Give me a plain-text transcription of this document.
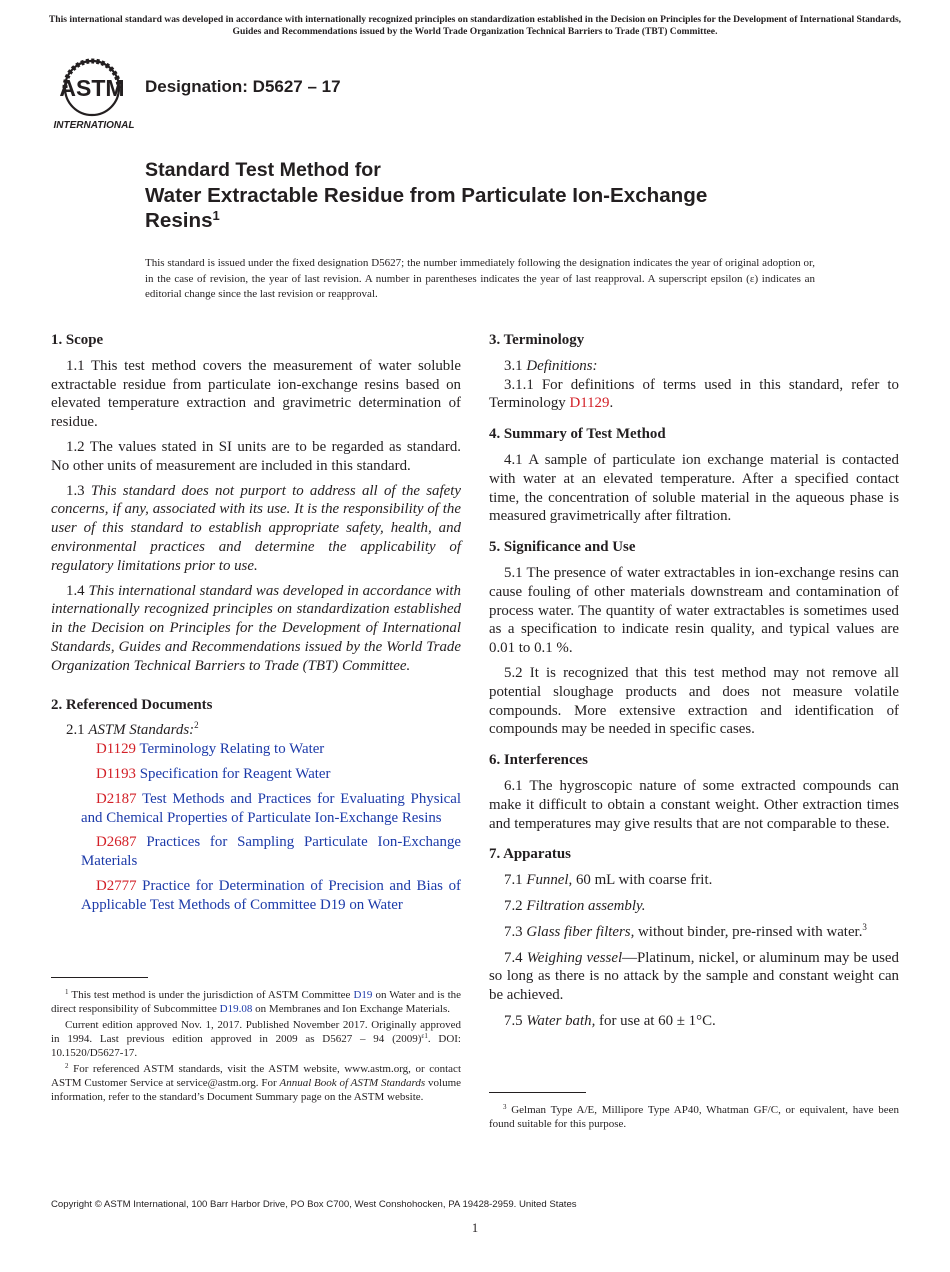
This international standard was developed in accordance with internationally recognized principles on standardization established in the Decision on Principles for the Development of International Standards, Guides and Recommendations issued by the World Trade Organization Technical Barriers to Trade (TBT) Committee.
ASTM
INTERNATIONAL
Designation: D5627 – 17
Standard Test Method for
Water Extractable Residue from Particulate Ion-Exchange
Resins$^1$
This standard is issued under the fixed designation D5627; the number immediately following the designation indicates the year of original adoption or, in the case of revision, the year of last revision. A number in parentheses indicates the year of last reapproval. A superscript epsilon (ε) indicates an editorial change since the last revision or reapproval.
1. Scope

1.1 This test method covers the measurement of water soluble extractable residue from particulate ion-exchange resins based on elevated temperature extraction and gravimetric determination of residue.

1.2 The values stated in SI units are to be regarded as standard. No other units of measurement are included in this standard.

1.3 This standard does not purport to address all of the safety concerns, if any, associated with its use. It is the responsibility of the user of this standard to establish appropriate safety, health, and environmental practices and determine the applicability of regulatory limitations prior to use.

1.4 This international standard was developed in accordance with internationally recognized principles on standardization established in the Decision on Principles for the Development of International Standards, Guides and Recommendations issued by the World Trade Organization Technical Barriers to Trade (TBT) Committee.

2. Referenced Documents

2.1 ASTM Standards:$^2$

D1129 Terminology Relating to Water

D1193 Specification for Reagent Water

D2187 Test Methods and Practices for Evaluating Physical and Chemical Properties of Particulate Ion-Exchange Resins

D2687 Practices for Sampling Particulate Ion-Exchange Materials

D2777 Practice for Determination of Precision and Bias of Applicable Test Methods of Committee D19 on Water

3. Terminology

3.1 Definitions:

3.1.1 For definitions of terms used in this standard, refer to Terminology D1129.

4. Summary of Test Method

4.1 A sample of particulate ion exchange material is contacted with water at an elevated temperature. After a specified contact time, the concentration of soluble material in the aqueous phase is measured gravimetrically after filtration.

5. Significance and Use

5.1 The presence of water extractables in ion-exchange resins can cause fouling of other materials downstream and contamination of process water. The quantity of water extractables is sometimes used as a specification to indicate resin quality, and typical values are 0.01 to 0.1 %.

5.2 It is recognized that this test method may not remove all potential sloughage products and does not measure volatile compounds. More extensive extraction and identification of compounds may be needed in specific cases.

6. Interferences

6.1 The hygroscopic nature of some extracted compounds can make it difficult to obtain a constant weight. Other extraction times and temperatures may give results that are not comparable to these.

7. Apparatus

7.1 Funnel, 60 mL with coarse frit.

7.2 Filtration assembly.

7.3 Glass fiber filters, without binder, pre-rinsed with water.$^3$

7.4 Weighing vessel—Platinum, nickel, or aluminum may be used so long as there is no attack by the sample and constant weight can be achieved.

7.5 Water bath, for use at 60 ± 1°C.

$^1$ This test method is under the jurisdiction of ASTM Committee D19 on Water and is the direct responsibility of Subcommittee D19.08 on Membranes and Ion Exchange Materials.

Current edition approved Nov. 1, 2017. Published November 2017. Originally approved in 1994. Last previous edition approved in 2009 as D5627 – 94 $(2009)^{\varepsilon 1}$. DOI: 10.1520/D5627-17.

$^2$ For referenced ASTM standards, visit the ASTM website, www.astm.org, or contact ASTM Customer Service at service@astm.org. For Annual Book of ASTM Standards volume information, refer to the standard’s Document Summary page on the ASTM website.

$^3$ Gelman Type A/E, Millipore Type AP40, Whatman GF/C, or equivalent, have been found suitable for this purpose.

Copyright © ASTM International, 100 Barr Harbor Drive, PO Box C700, West Conshohocken, PA 19428-2959. United States
1
